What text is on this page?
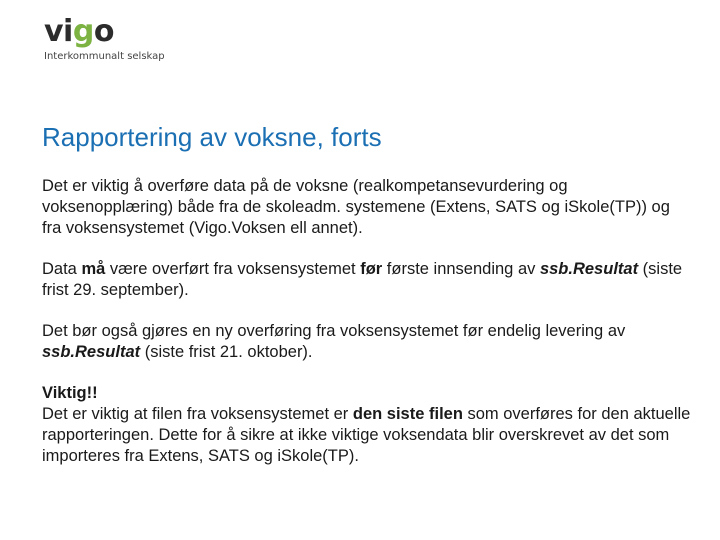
vigo
Interkommunalt selskap
Rapportering av voksne, forts

Det er viktig å overføre data på de voksne (realkompetansevurdering og voksenopplæring) både fra de skoleadm. systemene (Extens, SATS og iSkole(TP)) og fra voksensystemet (Vigo.Voksen ell annet).

Data må være overført fra voksensystemet før første innsending av ssb.Resultat (siste frist 29. september).

Det bør også gjøres en ny overføring fra voksensystemet før endelig levering av ssb.Resultat (siste frist 21. oktober).

Viktig!!
Det er viktig at filen fra voksensystemet er den siste filen som overføres for den aktuelle rapporteringen. Dette for å sikre at ikke viktige voksendata blir overskrevet av det som importeres fra Extens, SATS og iSkole(TP).
